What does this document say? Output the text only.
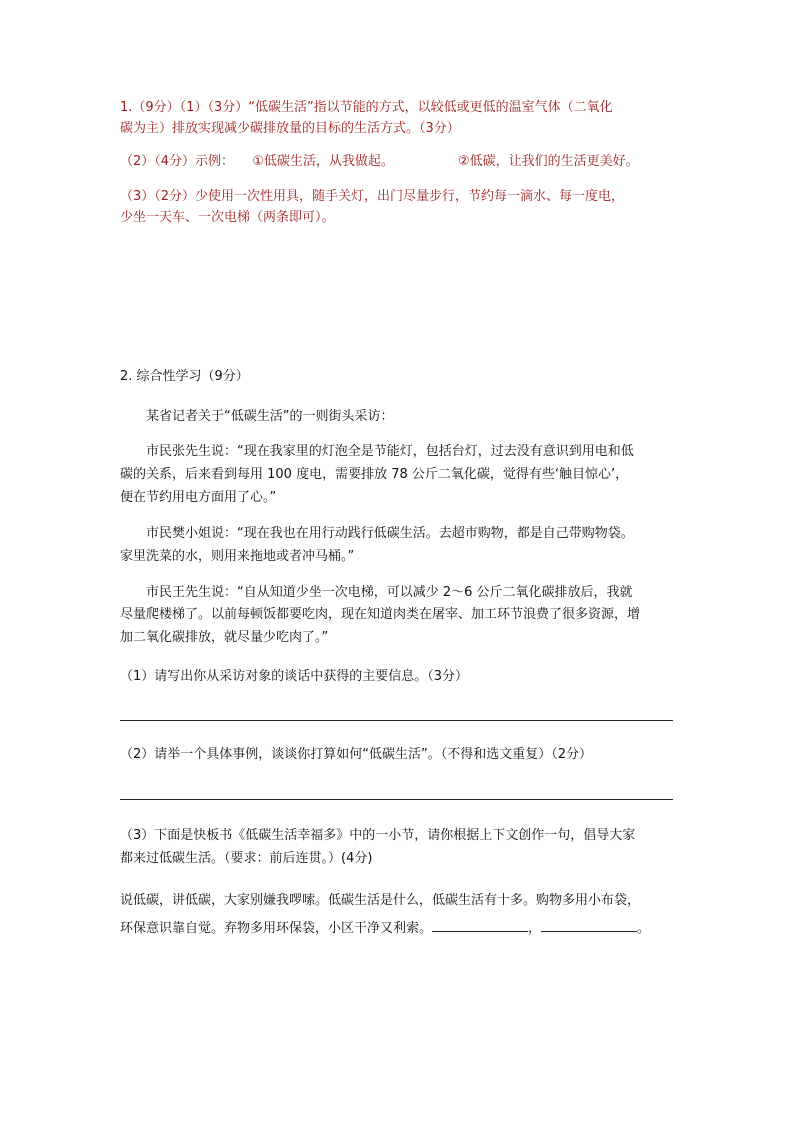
1.（9分）（1）（3分）“低碳生活”指以节能的方式，以较低或更低的温室气体（二氧化
碳为主）排放实现减少碳排放量的目标的生活方式。（3分）
（2）（4分）示例： ①低碳生活，从我做起。	②低碳，让我们的生活更美好。
（3）（2分）少使用一次性用具，随手关灯，出门尽量步行，节约每一滴水、每一度电，
少坐一天车、一次电梯（两条即可）。
2. 综合性学习（9分）
某省记者关于“低碳生活”的一则街头采访：
市民张先生说：“现在我家里的灯泡全是节能灯，包括台灯，过去没有意识到用电和低
碳的关系，后来看到每用 100 度电，需要排放 78 公斤二氧化碳，觉得有些‘触目惊心’，
便在节约用电方面用了心。”
市民樊小姐说：“现在我也在用行动践行低碳生活。去超市购物，都是自己带购物袋。
家里洗菜的水，则用来拖地或者冲马桶。”
市民王先生说：“自从知道少坐一次电梯，可以减少 2～6 公斤二氧化碳排放后，我就
尽量爬楼梯了。以前每顿饭都要吃肉，现在知道肉类在屠宰、加工环节浪费了很多资源，增
加二氧化碳排放，就尽量少吃肉了。”
（1）请写出你从采访对象的谈话中获得的主要信息。（3分）
（2）请举一个具体事例，谈谈你打算如何“低碳生活”。（不得和选文重复）（2分）
（3）下面是快板书《低碳生活幸福多》中的一小节，请你根据上下文创作一句，倡导大家
都来过低碳生活。（要求：前后连贯。）(4分)
说低碳，讲低碳，大家别嫌我啰嗦。低碳生活是什么，低碳生活有十多。购物多用小布袋，
环保意识靠自觉。弃物多用环保袋，小区干净又利索。	，	。
